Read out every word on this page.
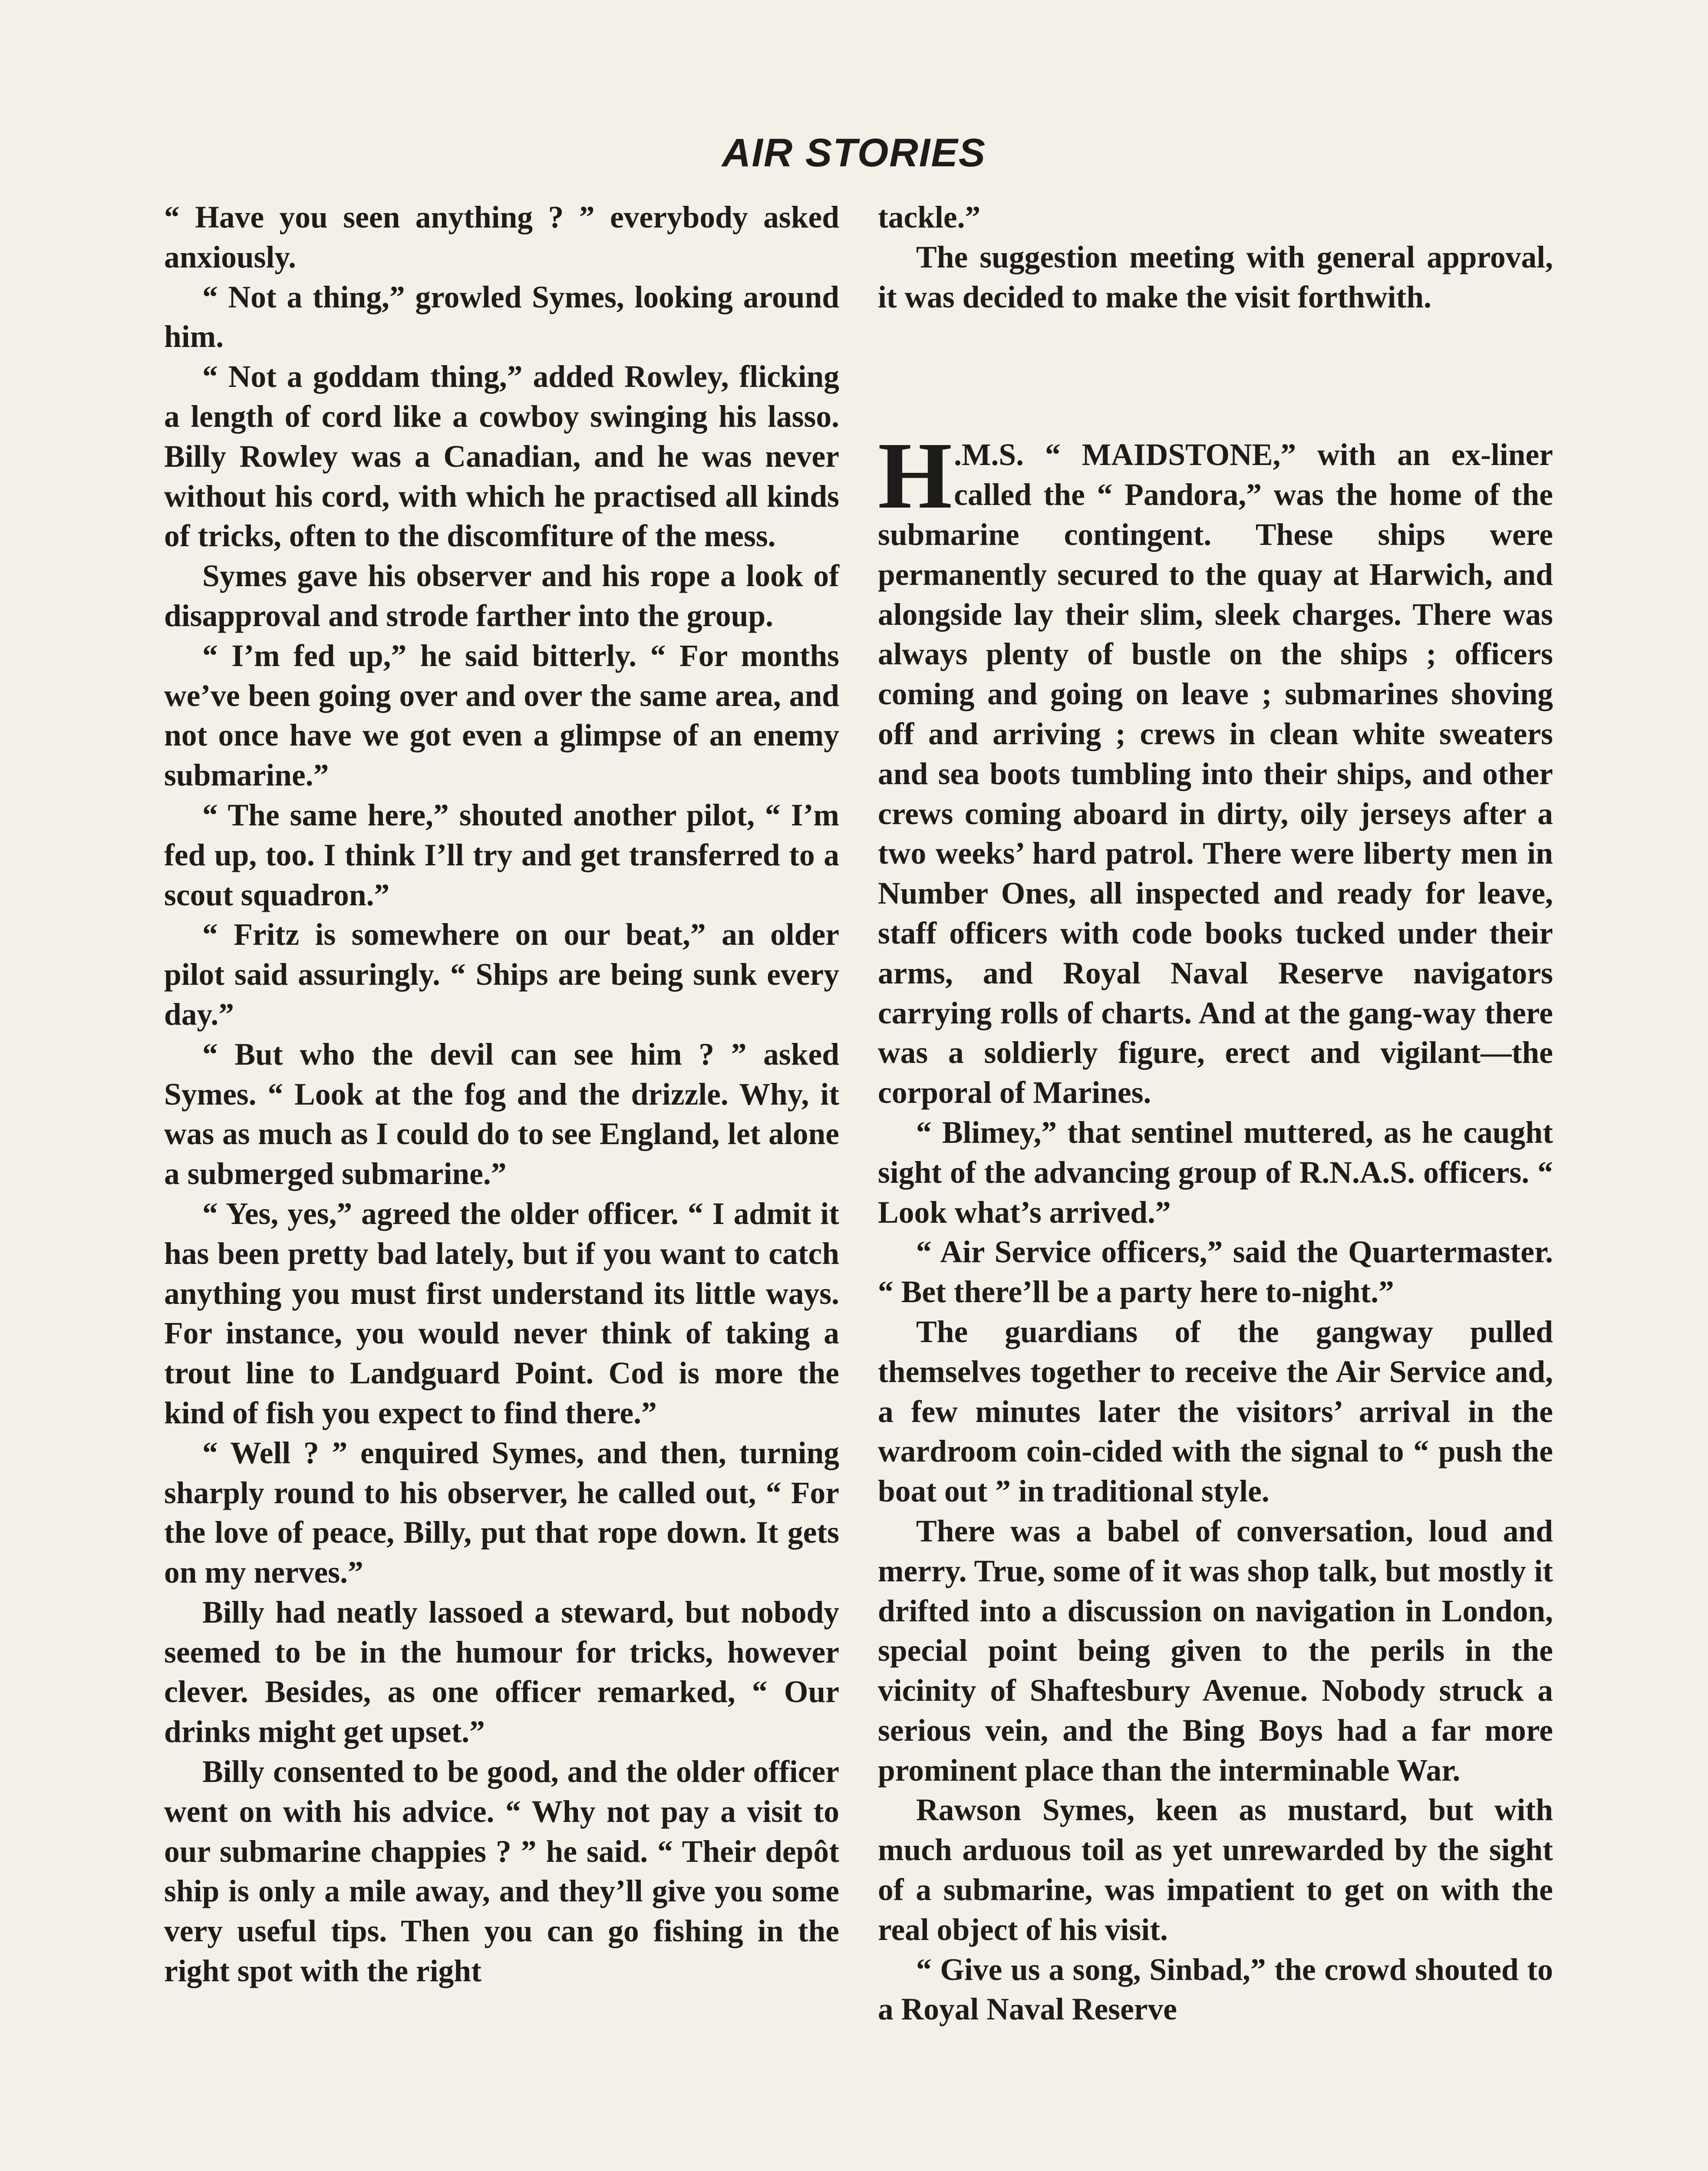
AIR STORIES

“ Have you seen anything ? ” everybody asked anxiously.

“ Not a thing,” growled Symes, looking around him.

“ Not a goddam thing,” added Rowley, flicking a length of cord like a cowboy swinging his lasso. Billy Rowley was a Canadian, and he was never without his cord, with which he practised all kinds of tricks, often to the discomfiture of the mess.

Symes gave his observer and his rope a look of disapproval and strode farther into the group.

“ I’m fed up,” he said bitterly. “ For months we’ve been going over and over the same area, and not once have we got even a glimpse of an enemy submarine.”

“ The same here,” shouted another pilot, “ I’m fed up, too. I think I’ll try and get transferred to a scout squadron.”

“ Fritz is somewhere on our beat,” an older pilot said assuringly. “ Ships are being sunk every day.”

“ But who the devil can see him ? ” asked Symes. “ Look at the fog and the drizzle. Why, it was as much as I could do to see England, let alone a submerged submarine.”

“ Yes, yes,” agreed the older officer. “ I admit it has been pretty bad lately, but if you want to catch anything you must first understand its little ways. For instance, you would never think of taking a trout line to Landguard Point. Cod is more the kind of fish you expect to find there.”

“ Well ? ” enquired Symes, and then, turning sharply round to his observer, he called out, “ For the love of peace, Billy, put that rope down. It gets on my nerves.”

Billy had neatly lassoed a steward, but nobody seemed to be in the humour for tricks, however clever. Besides, as one officer remarked, “ Our drinks might get upset.”

Billy consented to be good, and the older officer went on with his advice. “ Why not pay a visit to our submarine chappies ? ” he said. “ Their depôt ship is only a mile away, and they’ll give you some very useful tips. Then you can go fishing in the right spot with the right

tackle.”

The suggestion meeting with general approval, it was decided to make the visit forthwith.

H .M.S. “ MAIDSTONE,” with an ex-liner called the “ Pandora,” was the home of the submarine contingent. These ships were permanently secured to the quay at Harwich, and alongside lay their slim, sleek charges. There was always plenty of bustle on the ships ; officers coming and going on leave ; submarines shoving off and arriving ; crews in clean white sweaters and sea boots tumbling into their ships, and other crews coming aboard in dirty, oily jerseys after a two weeks’ hard patrol. There were liberty men in Number Ones, all inspected and ready for leave, staff officers with code books tucked under their arms, and Royal Naval Reserve navigators carrying rolls of charts. And at the gang-way there was a soldierly figure, erect and vigilant—the corporal of Marines.

“ Blimey,” that sentinel muttered, as he caught sight of the advancing group of R.N.A.S. officers. “ Look what’s arrived.”

“ Air Service officers,” said the Quartermaster. “ Bet there’ll be a party here to-night.”

The guardians of the gangway pulled themselves together to receive the Air Service and, a few minutes later the visitors’ arrival in the wardroom coin-cided with the signal to “ push the boat out ” in traditional style.

There was a babel of conversation, loud and merry. True, some of it was shop talk, but mostly it drifted into a discussion on navigation in London, special point being given to the perils in the vicinity of Shaftesbury Avenue. Nobody struck a serious vein, and the Bing Boys had a far more prominent place than the interminable War.

Rawson Symes, keen as mustard, but with much arduous toil as yet unrewarded by the sight of a submarine, was impatient to get on with the real object of his visit.

“ Give us a song, Sinbad,” the crowd shouted to a Royal Naval Reserve
